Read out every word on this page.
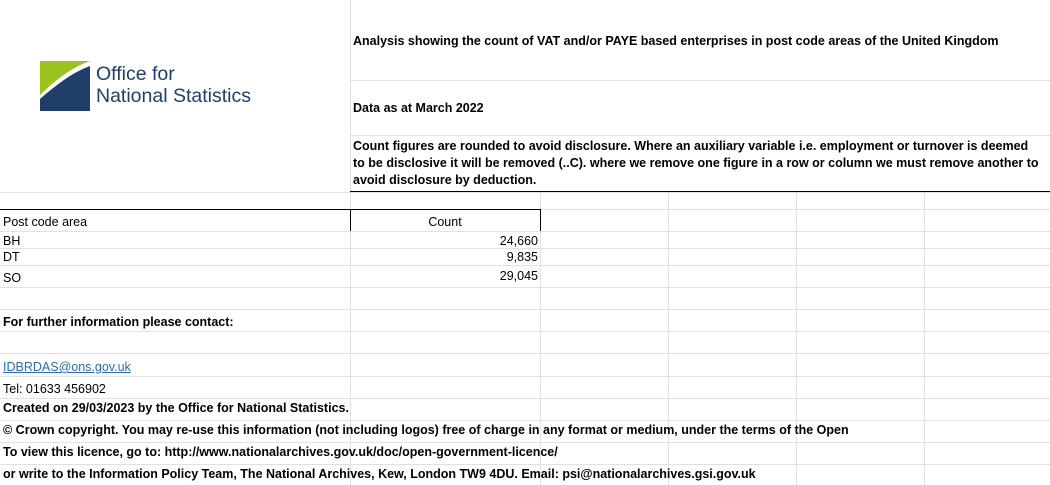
Office for
National Statistics
Analysis showing the count of VAT and/or PAYE based enterprises in post code areas of the United Kingdom
Data as at March 2022
Count figures are rounded to avoid disclosure. Where an auxiliary variable i.e. employment or turnover is deemed to be disclosive it will be removed (..C). where we remove one figure in a row or column we must remove another to avoid disclosure by deduction.
Post code area	Count
BH	24,660
DT	9,835
SO	29,045
For further information please contact:
IDBRDAS@ons.gov.uk
Tel: 01633 456902
Created on 29/03/2023 by the Office for National Statistics.
© Crown copyright. You may re-use this information (not including logos) free of charge in any format or medium, under the terms of the Open
To view this licence, go to: http://www.nationalarchives.gov.uk/doc/open-government-licence/
or write to the Information Policy Team, The National Archives, Kew, London TW9 4DU. Email: psi@nationalarchives.gsi.gov.uk
